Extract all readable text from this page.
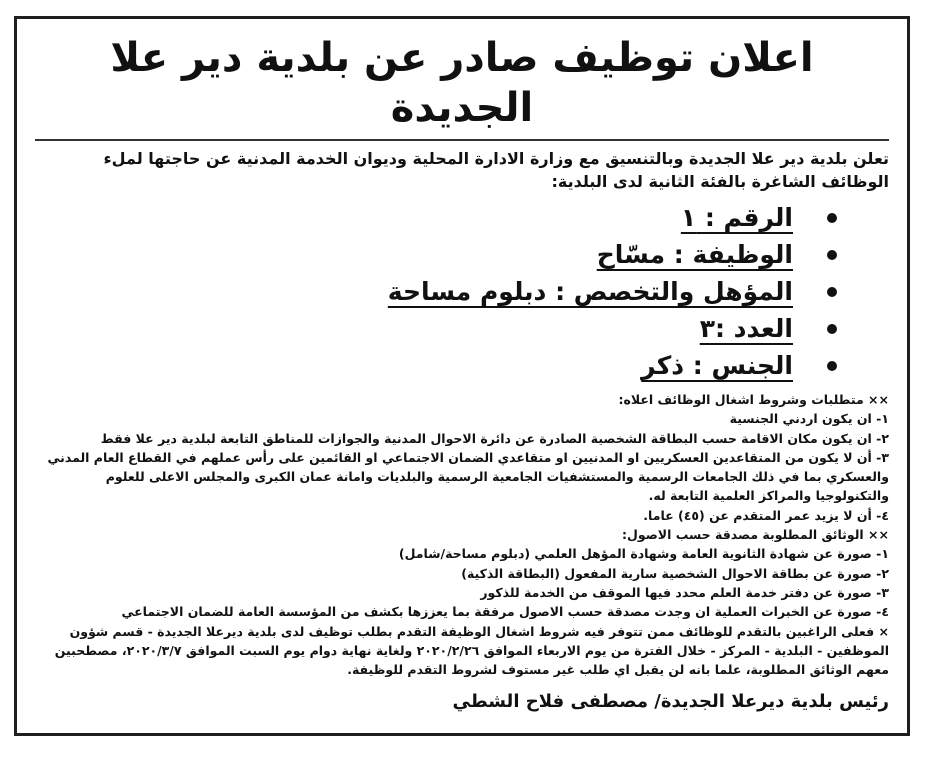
اعلان توظيف صادر عن بلدية دير علا الجديدة

تعلن بلدية دير علا الجديدة وبالتنسيق مع وزارة الادارة المحلية وديوان الخدمة المدنية عن حاجتها لملء الوظائف الشاغرة بالفئة الثانية لدى البلدية:

الرقم : ١
الوظيفة : مسّاح
المؤهل والتخصص : دبلوم مساحة
العدد :٣
الجنس : ذكر

×× متطلبات وشروط اشغال الوظائف اعلاه:

١- ان يكون اردني الجنسية

٢- ان يكون مكان الاقامة حسب البطاقة الشخصية الصادرة عن دائرة الاحوال المدنية والجوازات للمناطق التابعة لبلدية دير علا فقط

٣- أن لا يكون من المتقاعدين العسكريين او المدنيين او متقاعدي الضمان الاجتماعي او القائمين على رأس عملهم في القطاع العام المدني والعسكري بما في ذلك الجامعات الرسمية والمستشفيات الجامعية الرسمية والبلديات وامانة عمان الكبرى والمجلس الاعلى للعلوم والتكنولوجيا والمراكز العلمية التابعة له.

٤- أن لا يزيد عمر المتقدم عن (٤٥) عاما.

×× الوثائق المطلوبة مصدقة حسب الاصول:

١- صورة عن شهادة الثانوية العامة وشهادة المؤهل العلمي (دبلوم مساحة/شامل)

٢- صورة عن بطاقة الاحوال الشخصية سارية المفعول (البطاقة الذكية)

٣- صورة عن دفتر خدمة العلم محدد فيها الموقف من الخدمة للذكور

٤- صورة عن الخبرات العملية ان وجدت مصدقة حسب الاصول مرفقة بما يعززها بكشف من المؤسسة العامة للضمان الاجتماعي

× فعلى الراغبين بالتقدم للوظائف ممن تتوفر فيه شروط اشغال الوظيفة التقدم بطلب توظيف لدى بلدية ديرعلا الجديدة - قسم شؤون الموظفين - البلدية - المركز - خلال الفترة من يوم الاربعاء الموافق ٢٠٢٠/٢/٢٦ ولغاية نهاية دوام يوم السبت الموافق ٢٠٢٠/٣/٧، مصطحبين معهم الوثائق المطلوبة، علما بانه لن يقبل اي طلب غير مستوف لشروط التقدم للوظيفة.

رئيس بلدية ديرعلا الجديدة/ مصطفى فلاح الشطي
